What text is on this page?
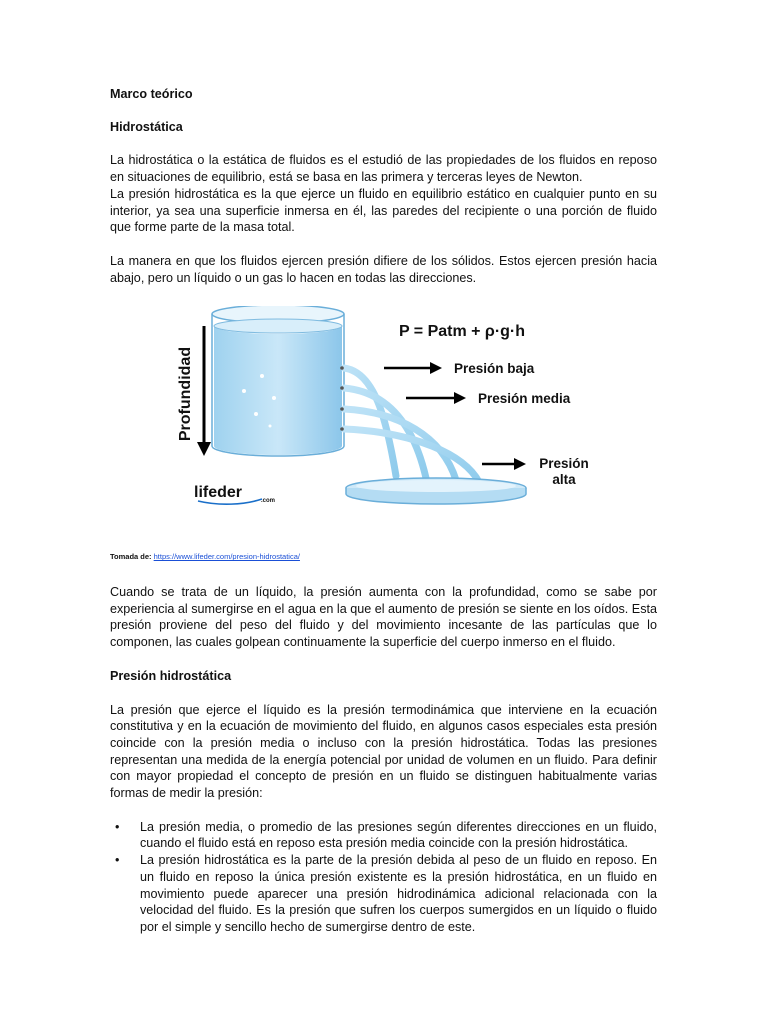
Marco teórico

Hidrostática

La hidrostática o la estática de fluidos es el estudió de las propiedades de los fluidos en reposo en situaciones de equilibrio, está se basa en las primera y terceras leyes de Newton.

La presión hidrostática es la que ejerce un fluido en equilibrio estático en cualquier punto en su interior, ya sea una superficie inmersa en él, las paredes del recipiente o una porción de fluido que forme parte de la masa total.

La manera en que los fluidos ejercen presión difiere de los sólidos. Estos ejercen presión hacia abajo, pero un líquido o un gas lo hacen en todas las direcciones.

Profundidad
P = Patm + ρ·g·h
Presión baja
Presión media
Presión
alta
lifeder	.com

Tomada de: https://www.lifeder.com/presion-hidrostatica/

Cuando se trata de un líquido, la presión aumenta con la profundidad, como se sabe por experiencia al sumergirse en el agua en la que el aumento de presión se siente en los oídos. Esta presión proviene del peso del fluido y del movimiento incesante de las partículas que lo componen, las cuales golpean continuamente la superficie del cuerpo inmerso en el fluido.

Presión hidrostática

La presión que ejerce el líquido es la presión termodinámica que interviene en la ecuación constitutiva y en la ecuación de movimiento del fluido, en algunos casos especiales esta presión coincide con la presión media o incluso con la presión hidrostática. Todas las presiones representan una medida de la energía potencial por unidad de volumen en un fluido. Para definir con mayor propiedad el concepto de presión en un fluido se distinguen habitualmente varias formas de medir la presión:

• La presión media, o promedio de las presiones según diferentes direcciones en un fluido, cuando el fluido está en reposo esta presión media coincide con la presión hidrostática.
• La presión hidrostática es la parte de la presión debida al peso de un fluido en reposo. En un fluido en reposo la única presión existente es la presión hidrostática, en un fluido en movimiento puede aparecer una presión hidrodinámica adicional relacionada con la velocidad del fluido. Es la presión que sufren los cuerpos sumergidos en un líquido o fluido por el simple y sencillo hecho de sumergirse dentro de este.
